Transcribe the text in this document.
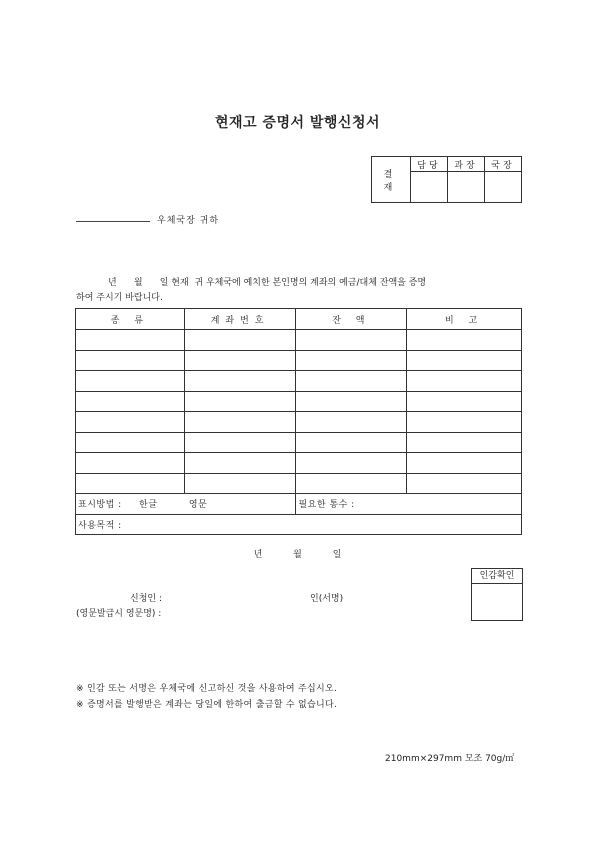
현재고 증명서 발행신청서
결 재	담당	과장	국장

우체국장 귀하
년      월      일 현재  귀 우체국에 예치한 본인명의 계좌의 예금/대체 잔액을 증명
하여 주시기 바랍니다.
종 류	계좌번호	잔 액	비 고

표시방법 : 한글 영문		필요한 통수 :	
사용목적 :			
년 월 일
인감확인
신청인 :	인(서명)
(영문발급시 영문명) :
※ 인감 또는 서명은 우체국에 신고하신 것을 사용하여 주십시오.
※ 증명서를 발행받은 계좌는 당일에 한하여 출금할 수 없습니다.
210mm×297mm 모조 70g/㎡
